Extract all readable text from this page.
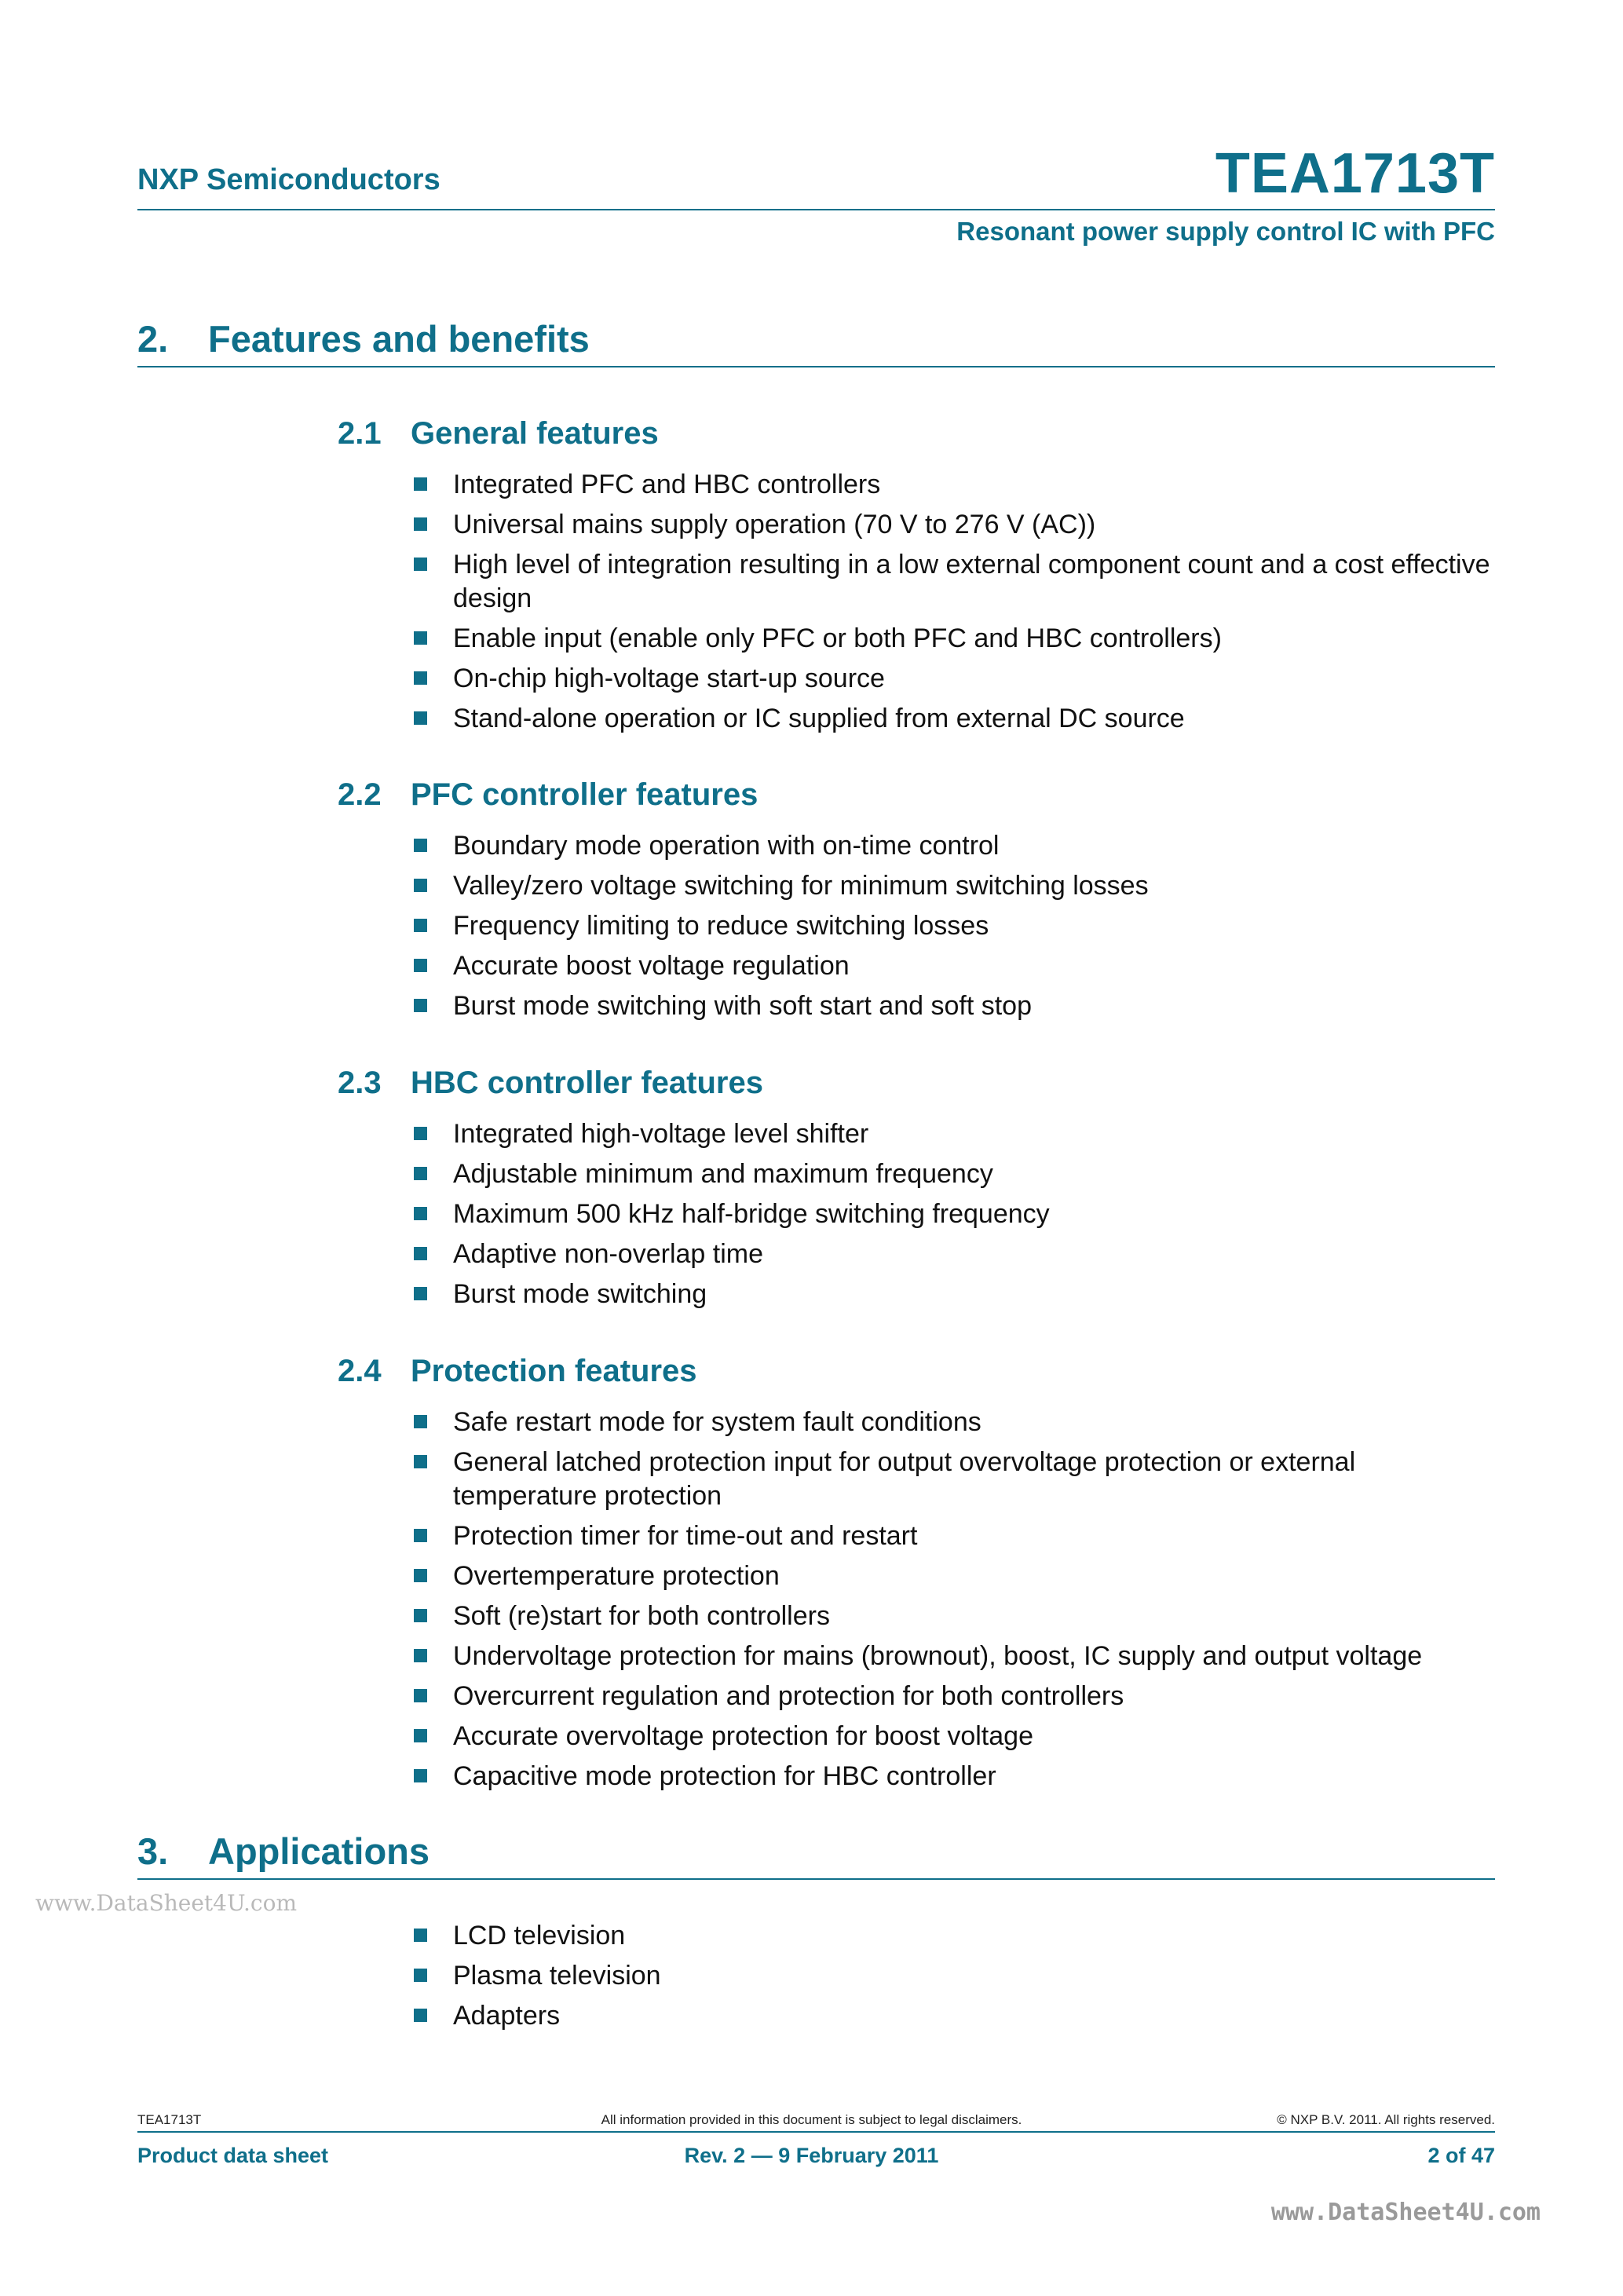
NXP Semiconductors	TEA1713T
Resonant power supply control IC with PFC
2. Features and benefits
2.1 General features
Integrated PFC and HBC controllers
Universal mains supply operation (70 V to 276 V (AC))
High level of integration resulting in a low external component count and a cost effective design
Enable input (enable only PFC or both PFC and HBC controllers)
On-chip high-voltage start-up source
Stand-alone operation or IC supplied from external DC source
2.2 PFC controller features
Boundary mode operation with on-time control
Valley/zero voltage switching for minimum switching losses
Frequency limiting to reduce switching losses
Accurate boost voltage regulation
Burst mode switching with soft start and soft stop
2.3 HBC controller features
Integrated high-voltage level shifter
Adjustable minimum and maximum frequency
Maximum 500 kHz half-bridge switching frequency
Adaptive non-overlap time
Burst mode switching
2.4 Protection features
Safe restart mode for system fault conditions
General latched protection input for output overvoltage protection or external temperature protection
Protection timer for time-out and restart
Overtemperature protection
Soft (re)start for both controllers
Undervoltage protection for mains (brownout), boost, IC supply and output voltage
Overcurrent regulation and protection for both controllers
Accurate overvoltage protection for boost voltage
Capacitive mode protection for HBC controller
3. Applications
www.DataSheet4U.com
LCD television
Plasma television
Adapters
TEA1713T	All information provided in this document is subject to legal disclaimers.	© NXP B.V. 2011. All rights reserved.
Product data sheet	Rev. 2 — 9 February 2011	2 of 47
www.DataSheet4U.com
